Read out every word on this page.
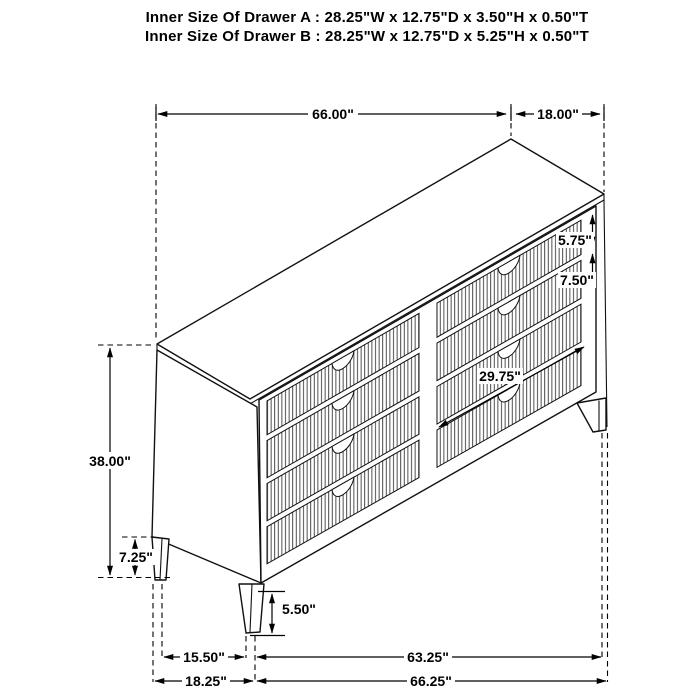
Inner Size Of Drawer A : 28.25"W x 12.75"D x 3.50"H x 0.50"T
Inner Size Of Drawer B : 28.25"W x 12.75"D x 5.25"H x 0.50"T
66.00"	18.00"
38.00"
7.25"
5.50"
5.75"
7.50"
29.75"
15.50"	63.25"
18.25"	66.25"
